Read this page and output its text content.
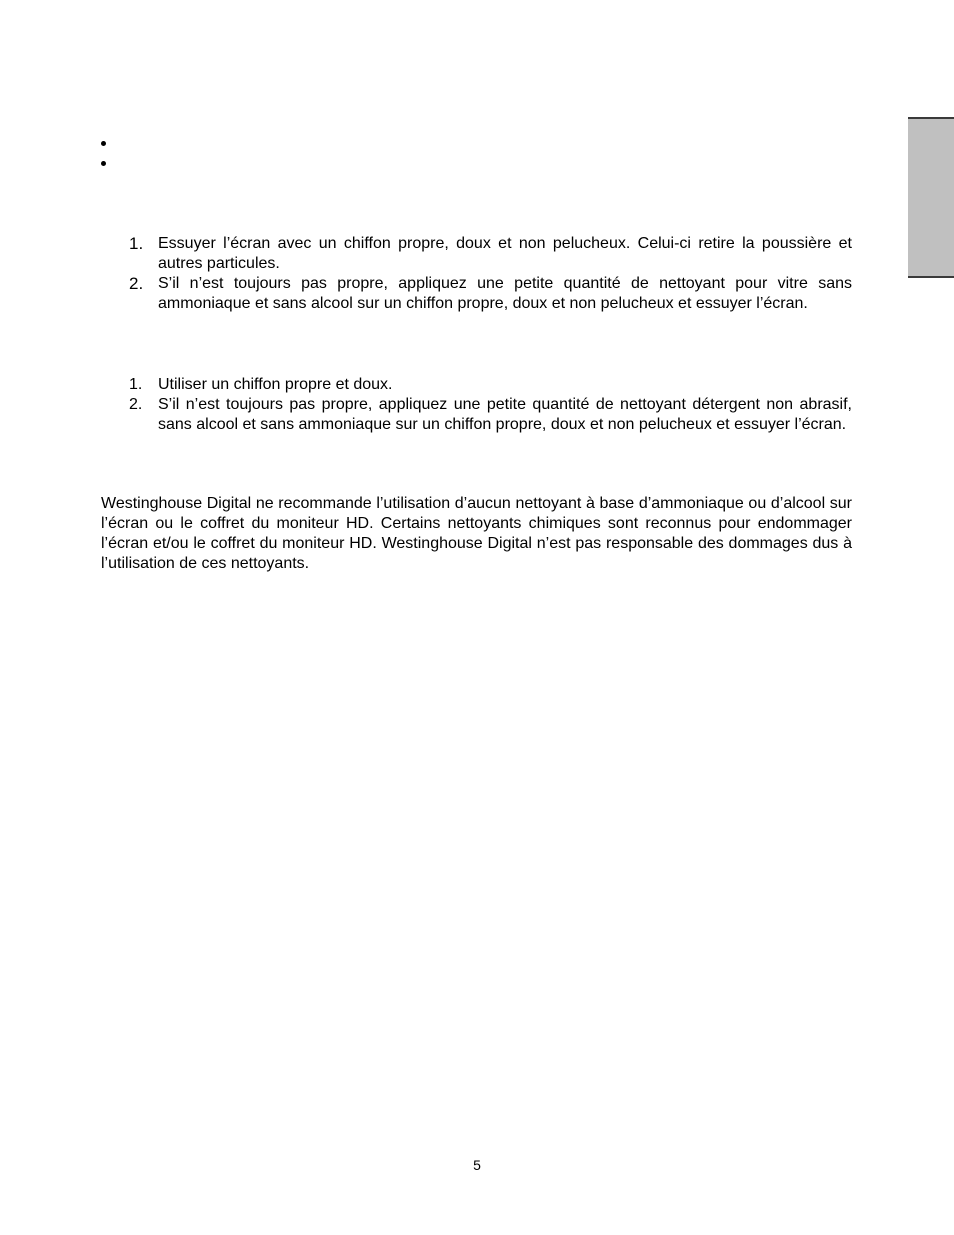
1. Essuyer l’écran avec un chiffon propre, doux et non pelucheux. Celui-ci retire la poussière et autres particules.
2. S’il n’est toujours pas propre, appliquez une petite quantité de nettoyant pour vitre sans ammoniaque et sans alcool sur un chiffon propre, doux et non pelucheux et essuyer l’écran.
1. Utiliser un chiffon propre et doux.
2. S’il n’est toujours pas propre, appliquez une petite quantité de nettoyant détergent non abrasif, sans alcool et sans ammoniaque sur un chiffon propre, doux et non pelucheux et essuyer l’écran.

Westinghouse Digital ne recommande l’utilisation d’aucun nettoyant à base d’ammoniaque ou d’alcool sur l’écran ou le coffret du moniteur HD. Certains nettoyants chimiques sont reconnus pour endommager l’écran et/ou le coffret du moniteur HD. Westinghouse Digital n’est pas responsable des dommages dus à l’utilisation de ces nettoyants.

5
